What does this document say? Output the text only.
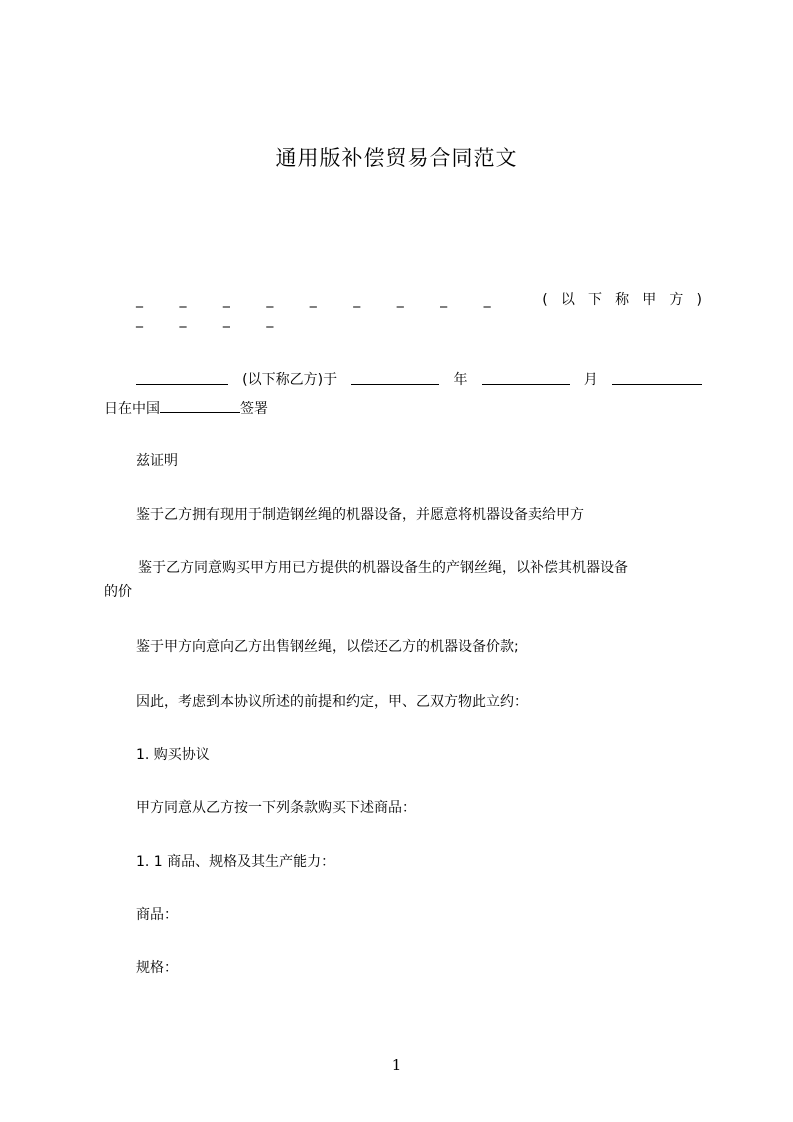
通用版补偿贸易合同范文
_ _ _ _ _ _ _ _ _ _ _ _ _
( 以 下 称 甲 方 )
(以下称乙方)于	年	月
日在中国	签署
兹证明
鉴于乙方拥有现用于制造钢丝绳的机器设备，并愿意将机器设备卖给甲方
鉴于乙方同意购买甲方用已方提供的机器设备生的产钢丝绳，以补偿其机器设备
的价
鉴于甲方向意向乙方出售钢丝绳，以偿还乙方的机器设备价款;
因此，考虑到本协议所述的前提和约定，甲、乙双方物此立约：
1. 购买协议
甲方同意从乙方按一下列条款购买下述商品：
1. 1 商品、规格及其生产能力：
商品：
规格：
1
